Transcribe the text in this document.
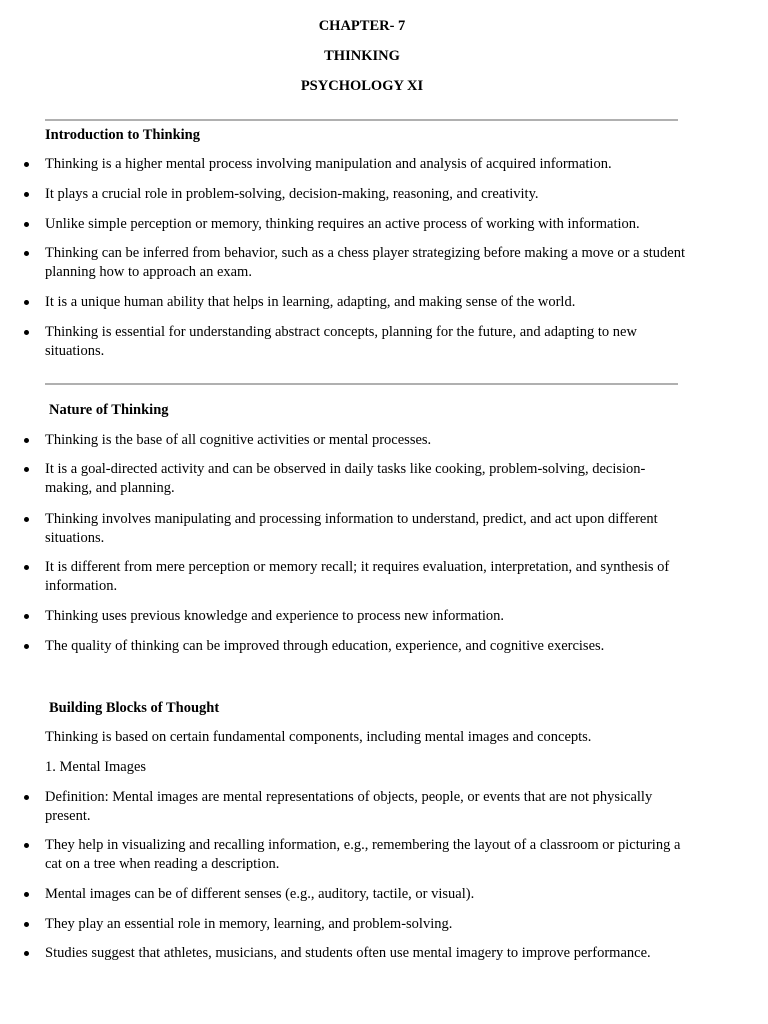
CHAPTER- 7
THINKING
PSYCHOLOGY XI
Introduction to Thinking
Thinking is a higher mental process involving manipulation and analysis of acquired information.
It plays a crucial role in problem-solving, decision-making, reasoning, and creativity.
Unlike simple perception or memory, thinking requires an active process of working with information.
Thinking can be inferred from behavior, such as a chess player strategizing before making a move or a student planning how to approach an exam.
It is a unique human ability that helps in learning, adapting, and making sense of the world.
Thinking is essential for understanding abstract concepts, planning for the future, and adapting to new situations.
Nature of Thinking
Thinking is the base of all cognitive activities or mental processes.
It is a goal-directed activity and can be observed in daily tasks like cooking, problem-solving, decision-making, and planning.
Thinking involves manipulating and processing information to understand, predict, and act upon different situations.
It is different from mere perception or memory recall; it requires evaluation, interpretation, and synthesis of information.
Thinking uses previous knowledge and experience to process new information.
The quality of thinking can be improved through education, experience, and cognitive exercises.
Building Blocks of Thought
Thinking is based on certain fundamental components, including mental images and concepts.
1. Mental Images
Definition: Mental images are mental representations of objects, people, or events that are not physically present.
They help in visualizing and recalling information, e.g., remembering the layout of a classroom or picturing a cat on a tree when reading a description.
Mental images can be of different senses (e.g., auditory, tactile, or visual).
They play an essential role in memory, learning, and problem-solving.
Studies suggest that athletes, musicians, and students often use mental imagery to improve performance.
